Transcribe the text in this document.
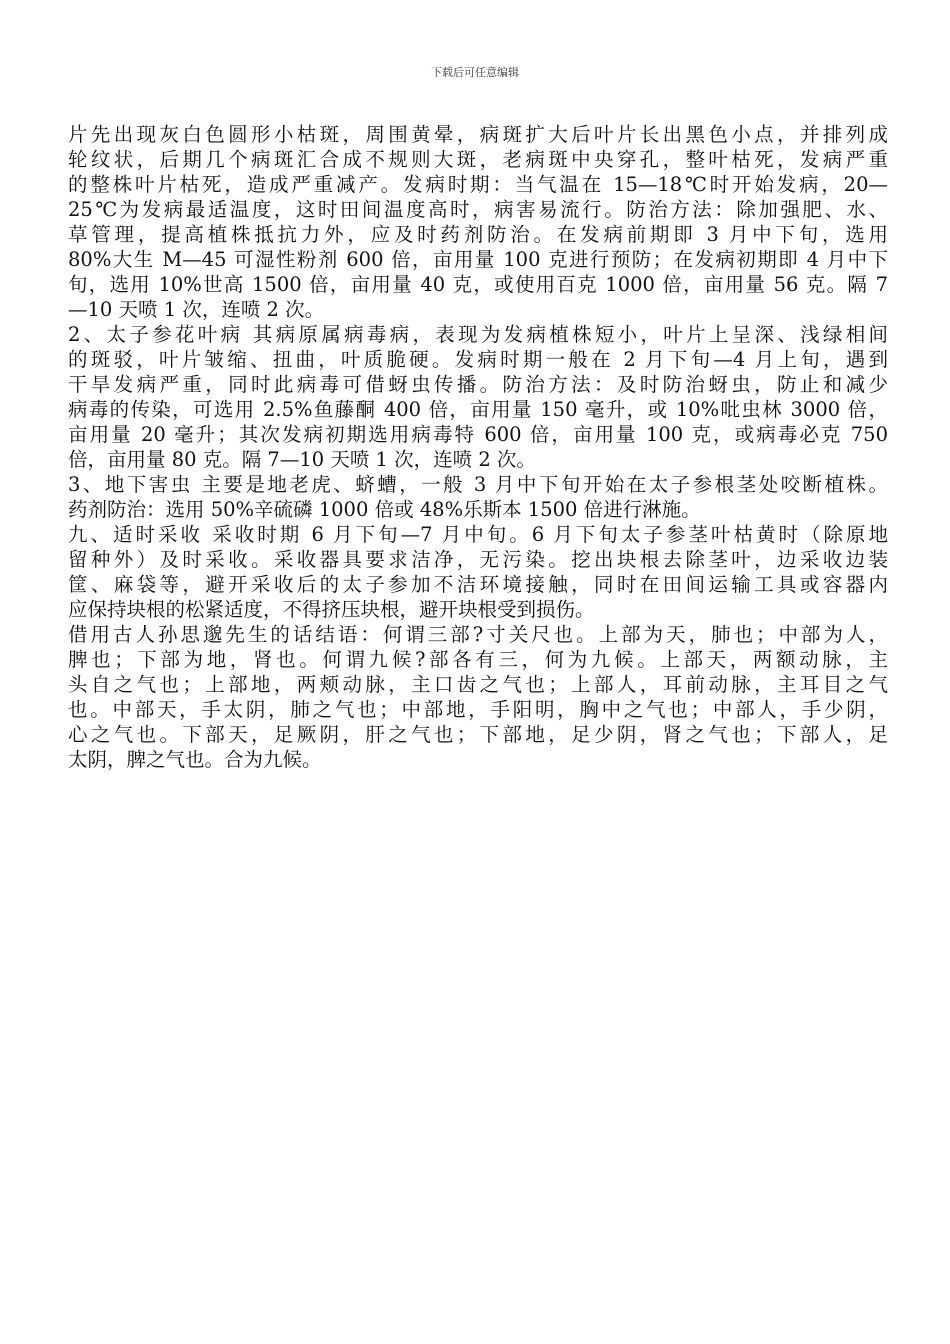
下载后可任意编辑
片先出现灰白色圆形小枯斑，周围黄晕，病斑扩大后叶片长出黑色小点，并排列成
轮纹状，后期几个病斑汇合成不规则大斑，老病斑中央穿孔，整叶枯死，发病严重
的整株叶片枯死，造成严重减产。发病时期：当气温在 15—18℃时开始发病，20—
25℃为发病最适温度，这时田间温度高时，病害易流行。防治方法：除加强肥、水、
草管理，提高植株抵抗力外，应及时药剂防治。在发病前期即 3 月中下旬，选用
80%大生 M—45 可湿性粉剂 600 倍，亩用量 100 克进行预防；在发病初期即 4 月中下
旬，选用 10%世高 1500 倍，亩用量 40 克，或使用百克 1000 倍，亩用量 56 克。隔 7
—10 天喷 1 次，连喷 2 次。
2、太子参花叶病 其病原属病毒病，表现为发病植株短小，叶片上呈深、浅绿相间
的斑驳，叶片皱缩、扭曲，叶质脆硬。发病时期一般在 2 月下旬—4 月上旬，遇到
干旱发病严重，同时此病毒可借蚜虫传播。防治方法：及时防治蚜虫，防止和减少
病毒的传染，可选用 2.5%鱼藤酮 400 倍，亩用量 150 毫升，或 10%吡虫林 3000 倍，
亩用量 20 毫升；其次发病初期选用病毒特 600 倍，亩用量 100 克，或病毒必克 750
倍，亩用量 80 克。隔 7—10 天喷 1 次，连喷 2 次。
3、地下害虫 主要是地老虎、蛴螬，一般 3 月中下旬开始在太子参根茎处咬断植株。
药剂防治：选用 50%辛硫磷 1000 倍或 48%乐斯本 1500 倍进行淋施。
九、适时采收 采收时期 6 月下旬—7 月中旬。6 月下旬太子参茎叶枯黄时（除原地
留种外）及时采收。采收器具要求洁净，无污染。挖出块根去除茎叶，边采收边装
筐、麻袋等，避开采收后的太子参加不洁环境接触，同时在田间运输工具或容器内
应保持块根的松紧适度，不得挤压块根，避开块根受到损伤。
借用古人孙思邈先生的话结语：何谓三部?寸关尺也。上部为天，肺也；中部为人，
脾也；下部为地，肾也。何谓九候?部各有三，何为九候。上部天，两额动脉，主
头自之气也；上部地，两颊动脉，主口齿之气也；上部人，耳前动脉，主耳目之气
也。中部天，手太阴，肺之气也；中部地，手阳明，胸中之气也；中部人，手少阴，
心之气也。下部天，足厥阴，肝之气也；下部地，足少阴，肾之气也；下部人，足
太阴，脾之气也。合为九候。
